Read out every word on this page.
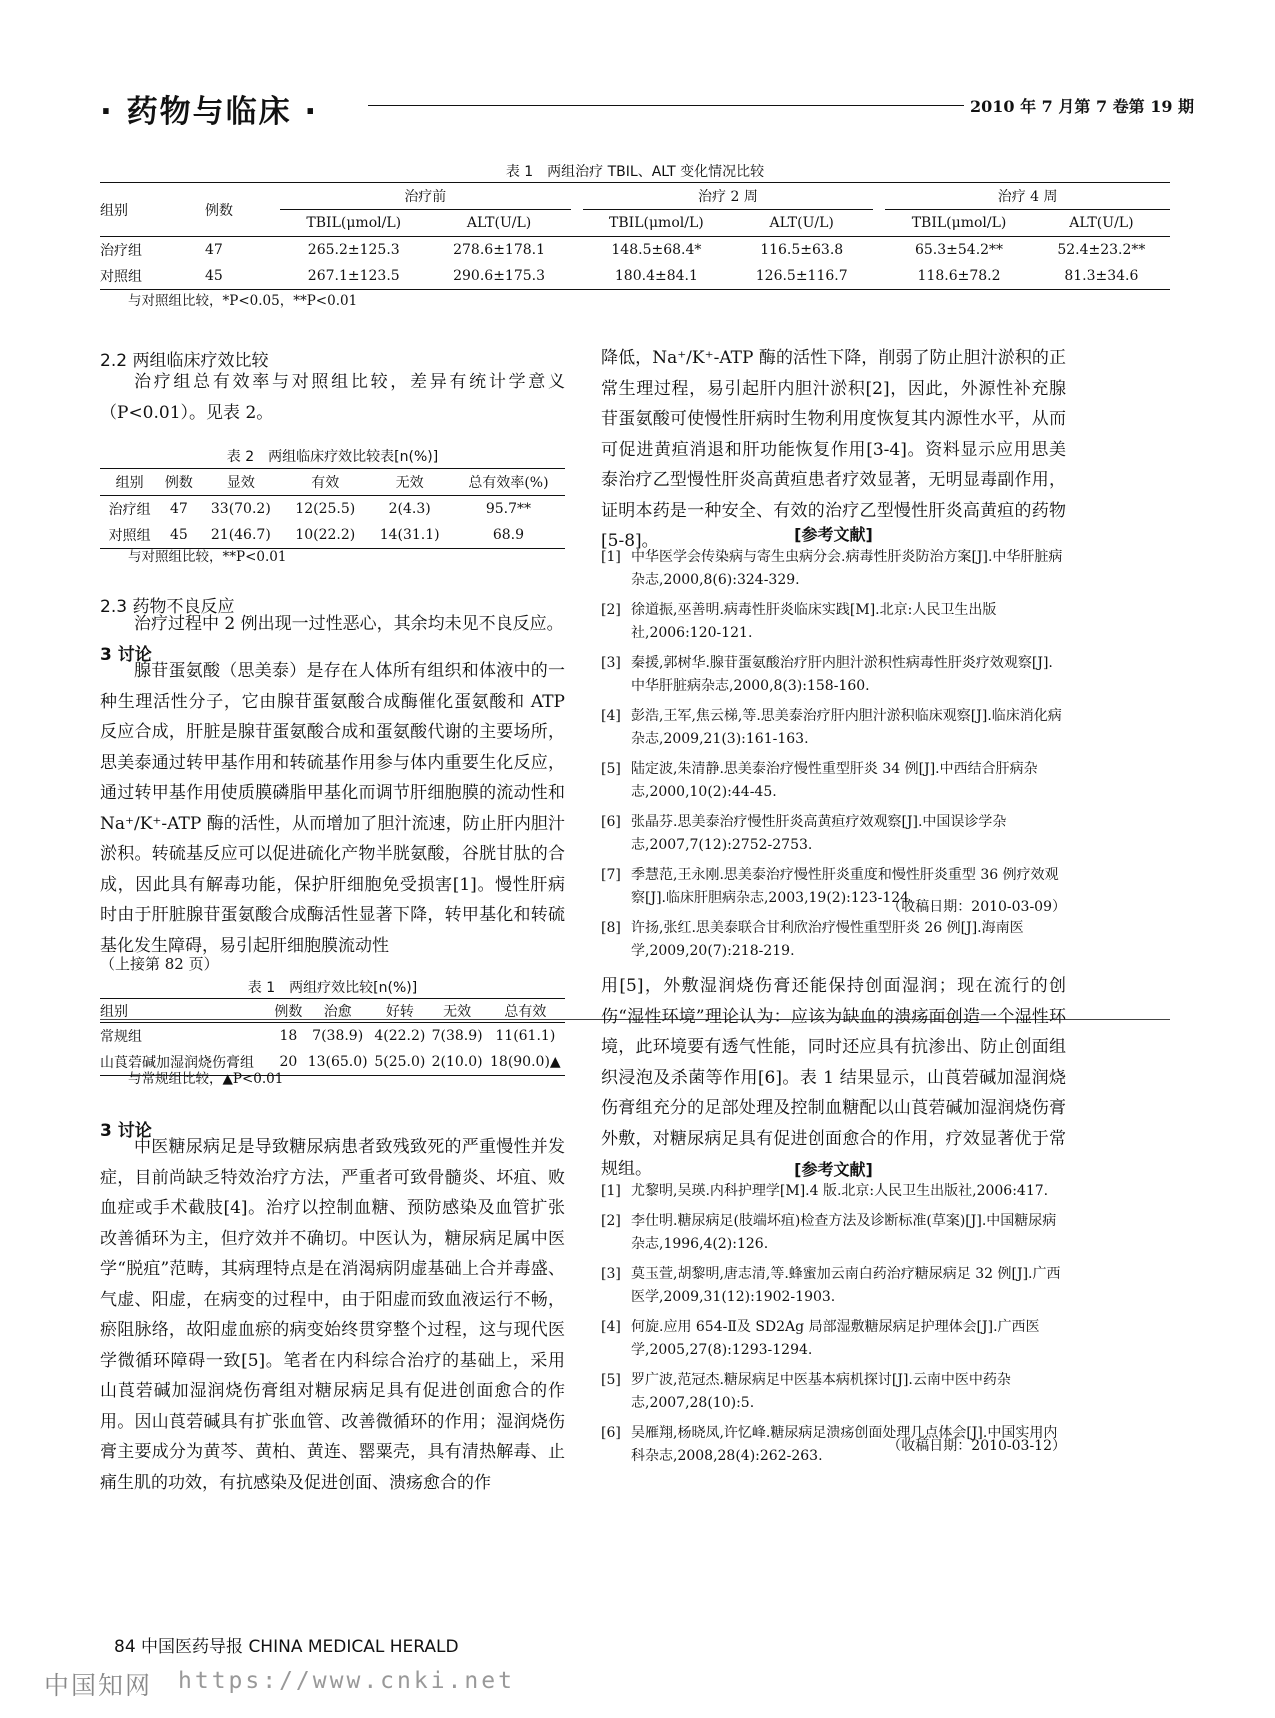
· 药物与临床 ·	2010 年 7 月第 7 卷第 19 期
表 1　两组治疗 TBIL、ALT 变化情况比较
组别	例数	治疗前			治疗 2 周			治疗 4 周	
		TBIL(μmol/L)	ALT(U/L)		TBIL(μmol/L)	ALT(U/L)		TBIL(μmol/L)	ALT(U/L)
治疗组	47	265.2±125.3	278.6±178.1		148.5±68.4*	116.5±63.8		65.3±54.2**	52.4±23.2**
对照组	45	267.1±123.5	290.6±175.3		180.4±84.1	126.5±116.7		118.6±78.2	81.3±34.6
与对照组比较，*P<0.05，**P<0.01
2.2 两组临床疗效比较

治疗组总有效率与对照组比较，差异有统计学意义（P<0.01）。见表 2。

表 2　两组临床疗效比较表[n(%)]
组别	例数	显效	有效	无效	总有效率(%)
治疗组	47	33(70.2)	12(25.5)	2(4.3)	95.7**
对照组	45	21(46.7)	10(22.2)	14(31.1)	68.9
与对照组比较，**P<0.01
2.3 药物不良反应

治疗过程中 2 例出现一过性恶心，其余均未见不良反应。

3 讨论

腺苷蛋氨酸（思美泰）是存在人体所有组织和体液中的一种生理活性分子，它由腺苷蛋氨酸合成酶催化蛋氨酸和 ATP 反应合成，肝脏是腺苷蛋氨酸合成和蛋氨酸代谢的主要场所，思美泰通过转甲基作用和转硫基作用参与体内重要生化反应，通过转甲基作用使质膜磷脂甲基化而调节肝细胞膜的流动性和 Na⁺/K⁺-ATP 酶的活性，从而增加了胆汁流速，防止肝内胆汁淤积。转硫基反应可以促进硫化产物半胱氨酸，谷胱甘肽的合成，因此具有解毒功能，保护肝细胞免受损害[1]。慢性肝病时由于肝脏腺苷蛋氨酸合成酶活性显著下降，转甲基化和转硫基化发生障碍，易引起肝细胞膜流动性

降低，Na⁺/K⁺-ATP 酶的活性下降，削弱了防止胆汁淤积的正常生理过程，易引起肝内胆汁淤积[2]，因此，外源性补充腺苷蛋氨酸可使慢性肝病时生物利用度恢复其内源性水平，从而可促进黄疸消退和肝功能恢复作用[3-4]。资料显示应用思美泰治疗乙型慢性肝炎高黄疸患者疗效显著，无明显毒副作用，证明本药是一种安全、有效的治疗乙型慢性肝炎高黄疸的药物[5-8]。	[参考文献]
[1] 中华医学会传染病与寄生虫病分会.病毒性肝炎防治方案[J].中华肝脏病杂志,2000,8(6):324-329.
[2] 徐道振,巫善明.病毒性肝炎临床实践[M].北京:人民卫生出版社,2006:120-121.
[3] 秦援,郭树华.腺苷蛋氨酸治疗肝内胆汁淤积性病毒性肝炎疗效观察[J].中华肝脏病杂志,2000,8(3):158-160.
[4] 彭浩,王军,焦云梯,等.思美泰治疗肝内胆汁淤积临床观察[J].临床消化病杂志,2009,21(3):161-163.
[5] 陆定波,朱清静.思美泰治疗慢性重型肝炎 34 例[J].中西结合肝病杂志,2000,10(2):44-45.
[6] 张晶芬.思美泰治疗慢性肝炎高黄疸疗效观察[J].中国误诊学杂志,2007,7(12):2752-2753.
[7] 季慧范,王永刚.思美泰治疗慢性肝炎重度和慢性肝炎重型 36 例疗效观察[J].临床肝胆病杂志,2003,19(2):123-124.
[8] 许扬,张红.思美泰联合甘利欣治疗慢性重型肝炎 26 例[J].海南医学,2009,20(7):218-219.
（收稿日期：2010-03-09）
（上接第 82 页）
表 1　两组疗效比较[n(%)]
组别	例数	治愈	好转	无效	总有效
常规组	18	7(38.9)	4(22.2)	7(38.9)	11(61.1)
山莨菪碱加湿润烧伤膏组	20	13(65.0)	5(25.0)	2(10.0)	18(90.0)▲
与常规组比较，▲P<0.01
3 讨论

中医糖尿病足是导致糖尿病患者致残致死的严重慢性并发症，目前尚缺乏特效治疗方法，严重者可致骨髓炎、坏疽、败血症或手术截肢[4]。治疗以控制血糖、预防感染及血管扩张改善循环为主，但疗效并不确切。中医认为，糖尿病足属中医学“脱疽”范畴，其病理特点是在消渴病阴虚基础上合并毒盛、气虚、阳虚，在病变的过程中，由于阳虚而致血液运行不畅，瘀阻脉络，故阳虚血瘀的病变始终贯穿整个过程，这与现代医学微循环障碍一致[5]。笔者在内科综合治疗的基础上，采用山莨菪碱加湿润烧伤膏组对糖尿病足具有促进创面愈合的作用。因山莨菪碱具有扩张血管、改善微循环的作用；湿润烧伤膏主要成分为黄芩、黄柏、黄连、罂粟壳，具有清热解毒、止痛生肌的功效，有抗感染及促进创面、溃疡愈合的作

用[5]，外敷湿润烧伤膏还能保持创面湿润；现在流行的创伤“湿性环境”理论认为：应该为缺血的溃疡面创造一个湿性环境，此环境要有透气性能，同时还应具有抗渗出、防止创面组织浸泡及杀菌等作用[6]。表 1 结果显示，山莨菪碱加湿润烧伤膏组充分的足部处理及控制血糖配以山莨菪碱加湿润烧伤膏外敷，对糖尿病足具有促进创面愈合的作用，疗效显著优于常规组。	[参考文献]
[1] 尤黎明,吴瑛.内科护理学[M].4 版.北京:人民卫生出版社,2006:417.
[2] 李仕明.糖尿病足(肢端坏疽)检查方法及诊断标准(草案)[J].中国糖尿病杂志,1996,4(2):126.
[3] 莫玉萱,胡黎明,唐志清,等.蜂蜜加云南白药治疗糖尿病足 32 例[J].广西医学,2009,31(12):1902-1903.
[4] 何旋.应用 654-Ⅱ及 SD2Ag 局部湿敷糖尿病足护理体会[J].广西医学,2005,27(8):1293-1294.
[5] 罗广波,范冠杰.糖尿病足中医基本病机探讨[J].云南中医中药杂志,2007,28(10):5.
[6] 吴雁翔,杨晓凤,许忆峰.糖尿病足溃疡创面处理几点体会[J].中国实用内科杂志,2008,28(4):262-263.
（收稿日期：2010-03-12）
84 中国医药导报 CHINA MEDICAL HERALD
中国知网 https://www.cnki.net
